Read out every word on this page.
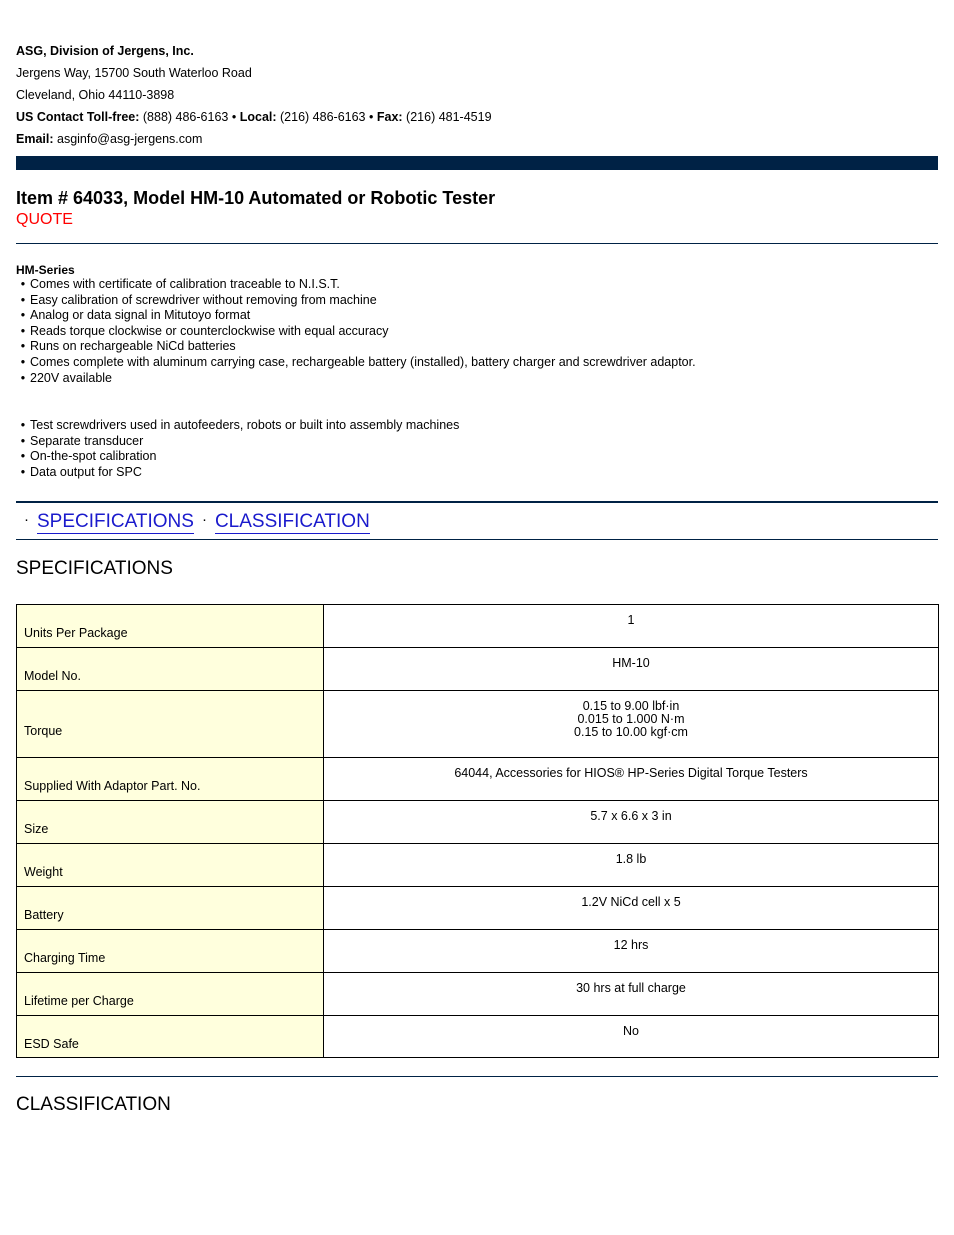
ASG, Division of Jergens, Inc.
Jergens Way, 15700 South Waterloo Road
Cleveland, Ohio 44110-3898
US Contact Toll-free: (888) 486-6163 • Local: (216) 486-6163 • Fax: (216) 481-4519
Email: asginfo@asg-jergens.com
Item # 64033, Model HM-10 Automated or Robotic Tester
QUOTE
HM-Series
• Comes with certificate of calibration traceable to N.I.S.T.
• Easy calibration of screwdriver without removing from machine
• Analog or data signal in Mitutoyo format
• Reads torque clockwise or counterclockwise with equal accuracy
• Runs on rechargeable NiCd batteries
• Comes complete with aluminum carrying case, rechargeable battery (installed), battery charger and screwdriver adaptor.
• 220V available
• Test screwdrivers used in autofeeders, robots or built into assembly machines
• Separate transducer
• On-the-spot calibration
• Data output for SPC
· SPECIFICATIONS · CLASSIFICATION
SPECIFICATIONS
Units Per Package	1

Model No.	HM-10

Torque	0.15 to 9.00 lbf·in
0.015 to 1.000 N·m
0.15 to 10.00 kgf·cm

Supplied With Adaptor Part. No.	64044, Accessories for HIOS® HP-Series Digital Torque Testers

Size	5.7 x 6.6 x 3 in

Weight	1.8 lb

Battery	1.2V NiCd cell x 5

Charging Time	12 hrs

Lifetime per Charge	30 hrs at full charge

ESD Safe	No
CLASSIFICATION
